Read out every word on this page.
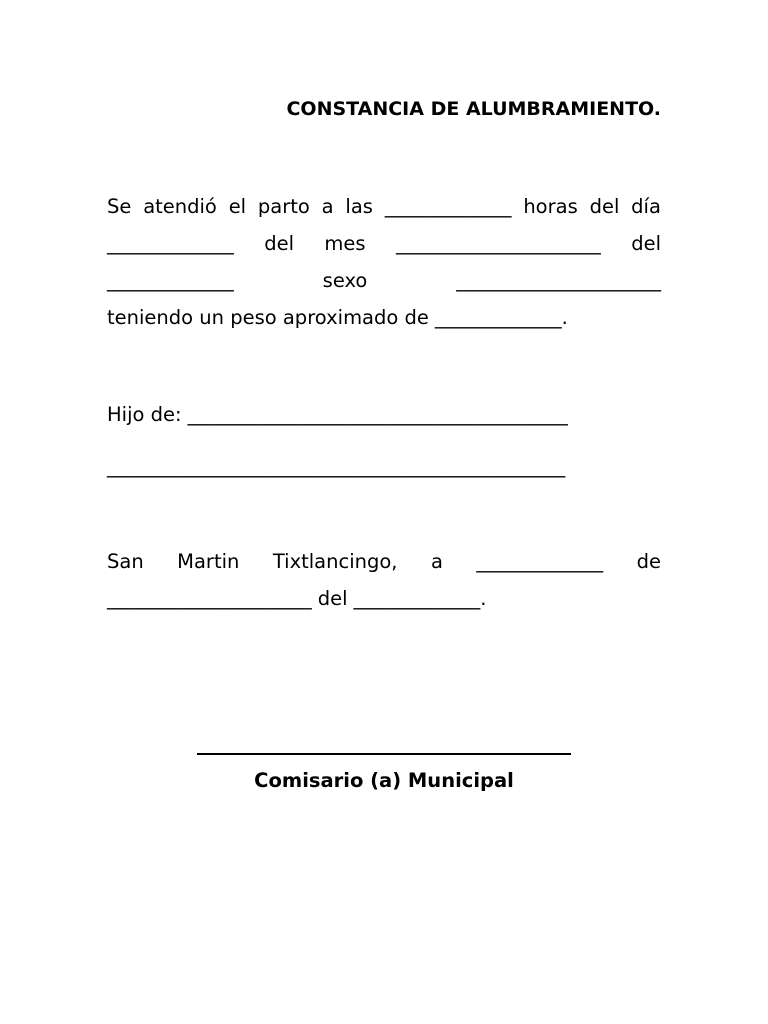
CONSTANCIA DE ALUMBRAMIENTO.
Se atendió el parto a las _____________ horas del día
_____________ del mes _____________________ del
_____________	sexo	_____________________
teniendo un peso aproximado de _____________.
Hijo de: _______________________________________
_______________________________________________
San Martin Tixtlancingo, a _____________ de
_____________________ del _____________.
Comisario (a) Municipal
